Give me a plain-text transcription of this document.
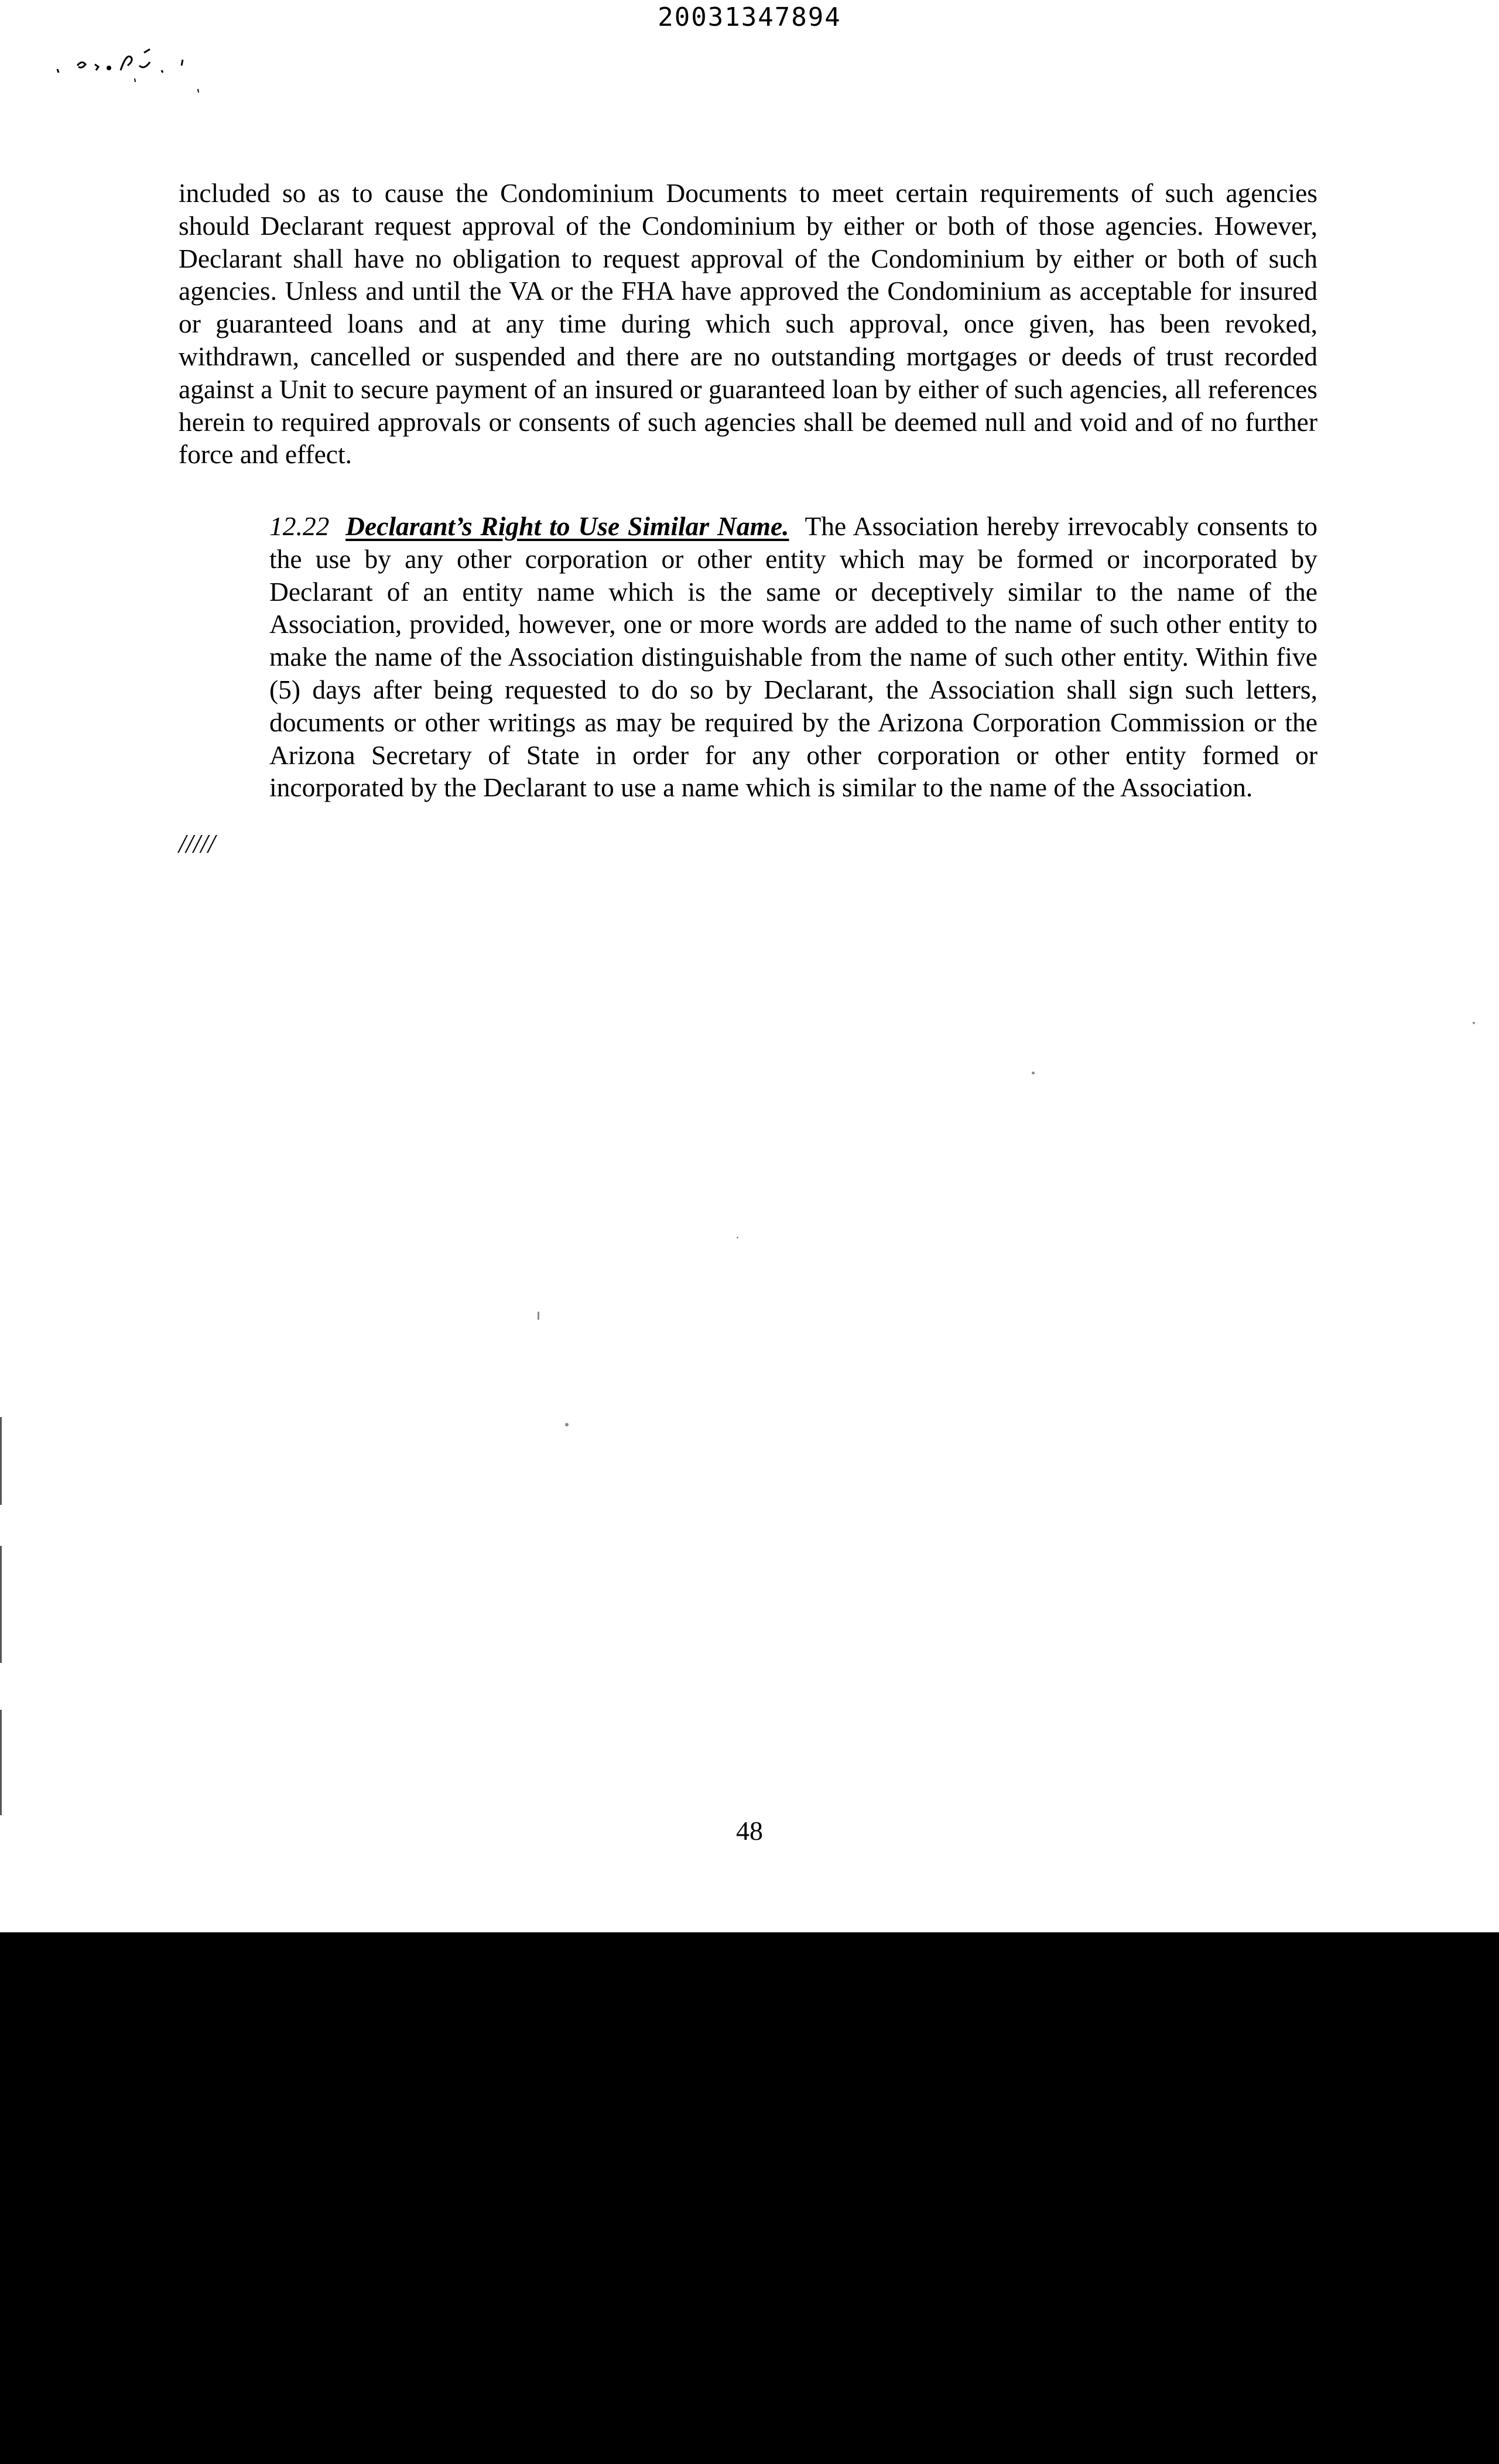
20031347894
included so as to cause the Condominium Documents to meet certain requirements of such agencies should Declarant request approval of the Condominium by either or both of those agencies. However, Declarant shall have no obligation to request approval of the Condominium by either or both of such agencies. Unless and until the VA or the FHA have approved the Condominium as acceptable for insured or guaranteed loans and at any time during which such approval, once given, has been revoked, withdrawn, cancelled or suspended and there are no outstanding mortgages or deeds of trust recorded against a Unit to secure payment of an insured or guaranteed loan by either of such agencies, all references herein to required approvals or consents of such agencies shall be deemed null and void and of no further force and effect.
12.22 Declarant’s Right to Use Similar Name. The Association hereby irrevocably consents to the use by any other corporation or other entity which may be formed or incorporated by Declarant of an entity name which is the same or deceptively similar to the name of the Association, provided, however, one or more words are added to the name of such other entity to make the name of the Association distinguishable from the name of such other entity. Within five (5) days after being requested to do so by Declarant, the Association shall sign such letters, documents or other writings as may be required by the Arizona Corporation Commission or the Arizona Secretary of State in order for any other corporation or other entity formed or incorporated by the Declarant to use a name which is similar to the name of the Association.
/////
48
